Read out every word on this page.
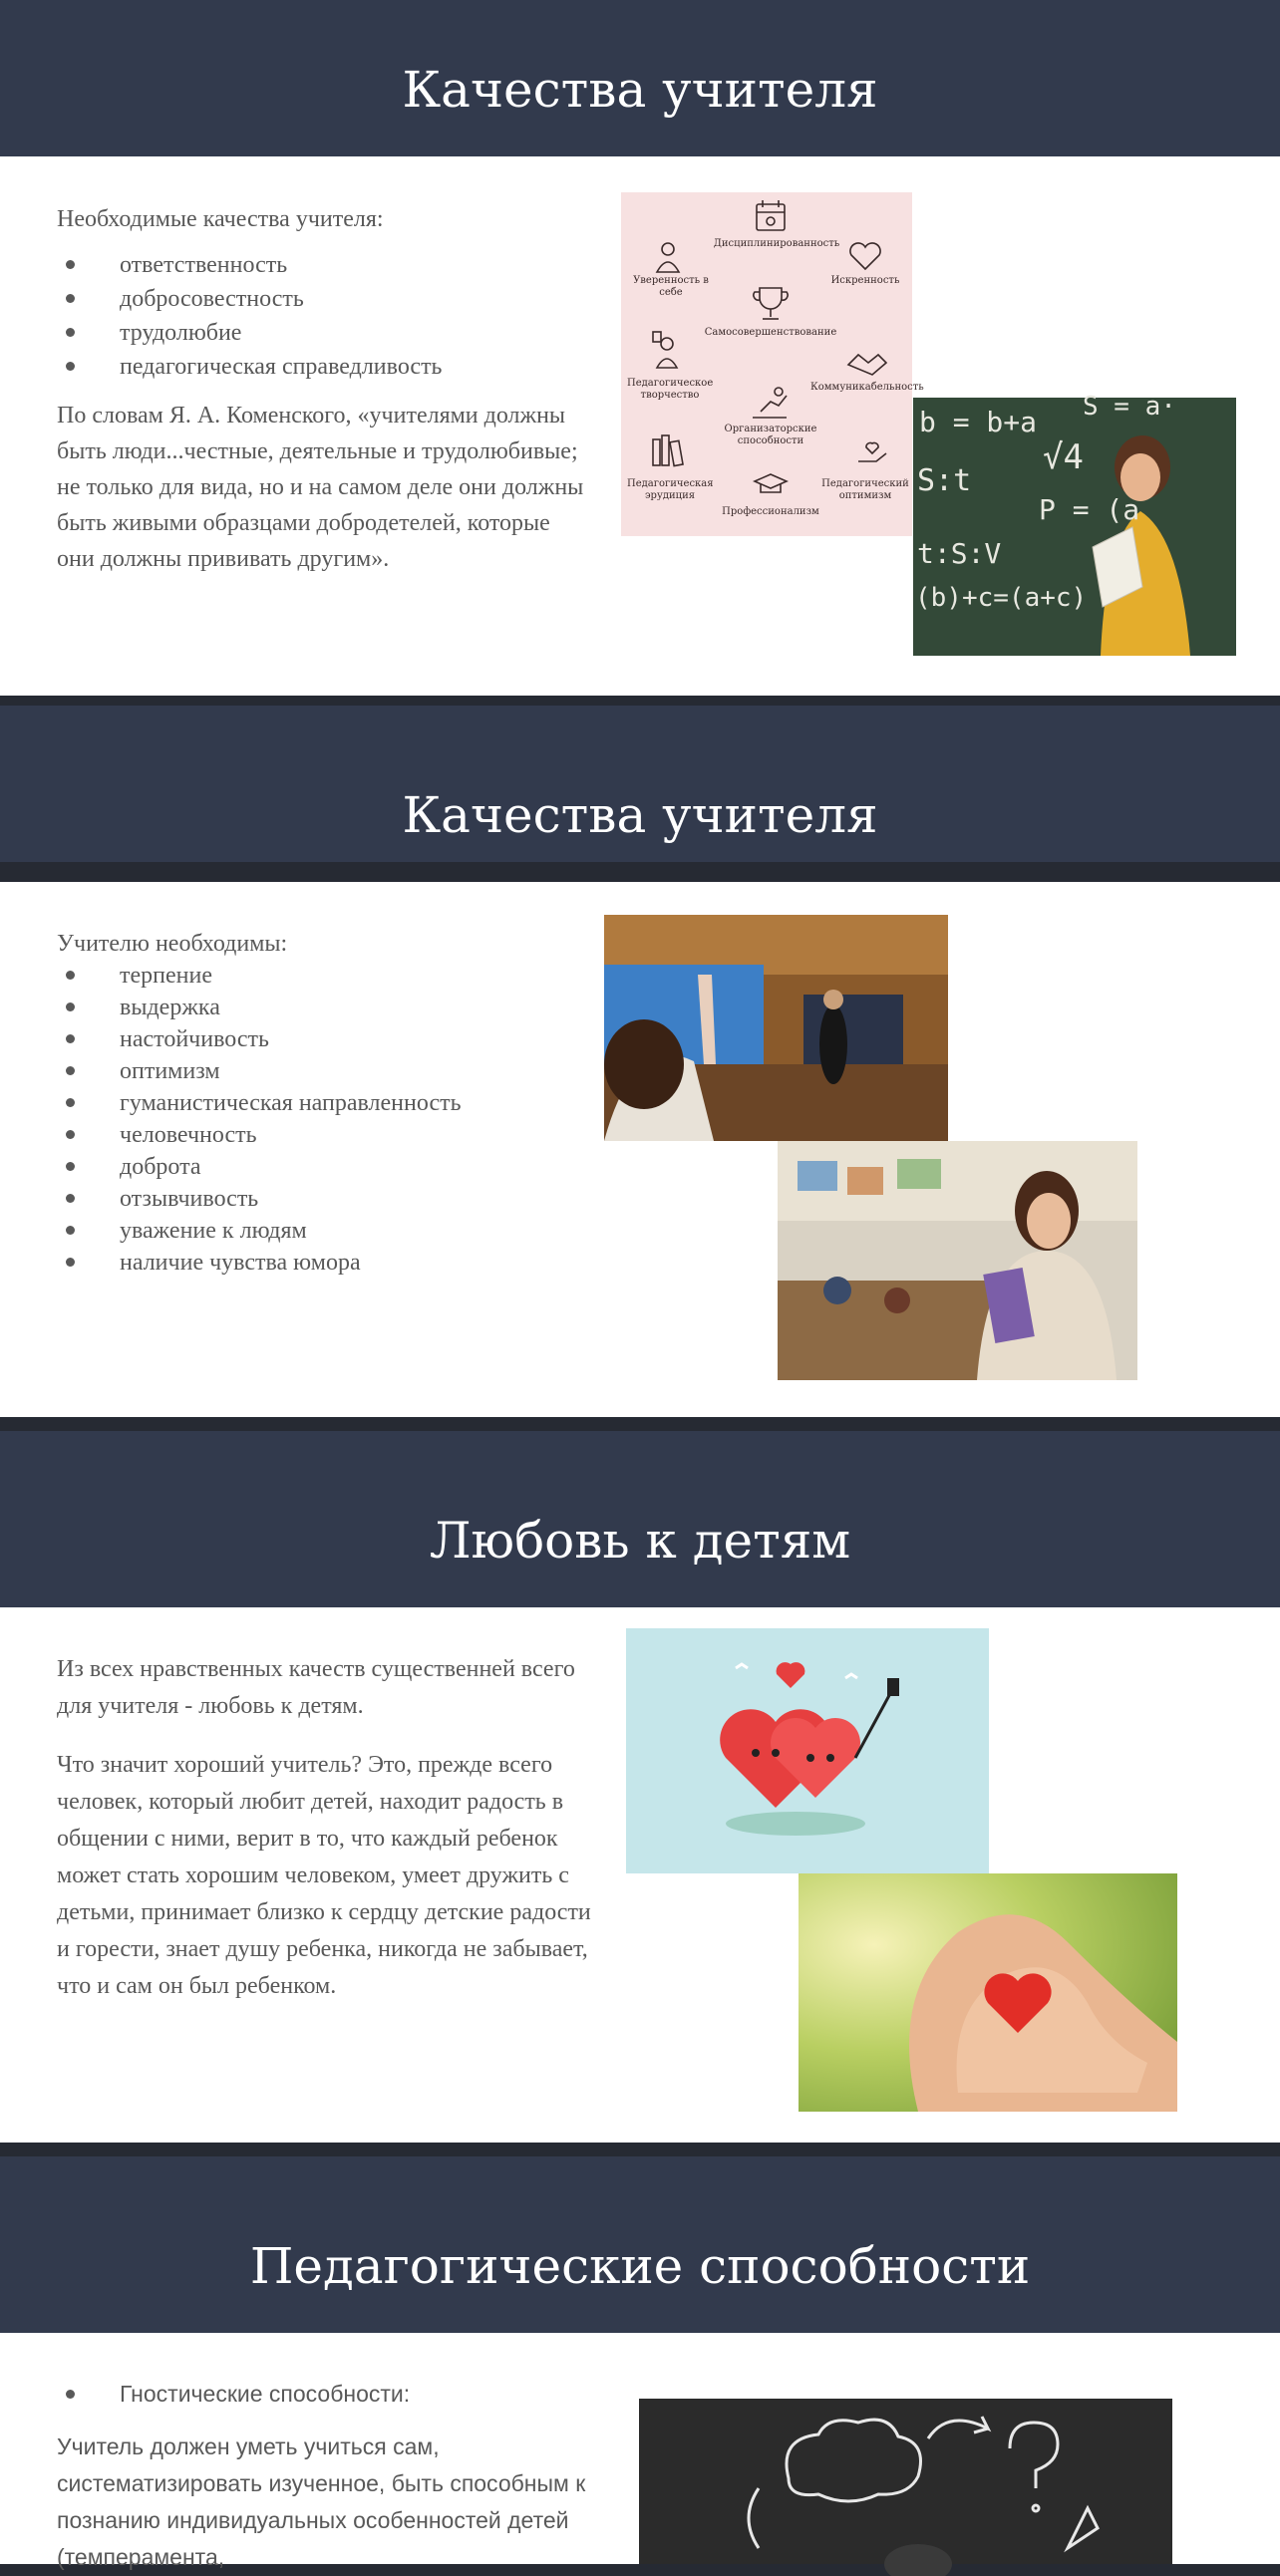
Качества учителя

Необходимые качества учителя:

ответственность
добросовестность
трудолюбие
педагогическая справедливость

По словам Я. А. Коменского, «учителями должны быть люди...честные, деятельные и трудолюбивые; не только для вида, но и на самом деле они должны быть живыми образцами добродетелей, которые они должны прививать другим».

Дисциплинированность
Уверенность в себе
Искренность
Самосовершенствование
Педагогическое творчество
Коммуникабельность
Организаторские способности
Педагогическая эрудиция
Педагогический оптимизм
Профессионализм
b = b+a S = a·
S:t
√4
P = (a
t:S:V
(b)+c=(a+c)
Качества учителя

Учителю необходимы:

терпение
выдержка
настойчивость
оптимизм
гуманистическая направленность
человечность
доброта
отзывчивость
уважение к людям
наличие чувства юмора
Любовь к детям

Из всех нравственных качеств существенней всего для учителя - любовь к детям.

Что значит хороший учитель? Это, прежде всего человек, который любит детей, находит радость в общении с ними, верит в то, что каждый ребенок может стать хорошим человеком, умеет дружить с детьми, принимает близко к сердцу детские радости и горести, знает душу ребенка, никогда не забывает, что и сам он был ребенком.

Педагогические способности
Гностические способности:

Учитель должен уметь учиться сам, систематизировать изученное, быть способным к познанию индивидуальных особенностей детей (темперамента,
